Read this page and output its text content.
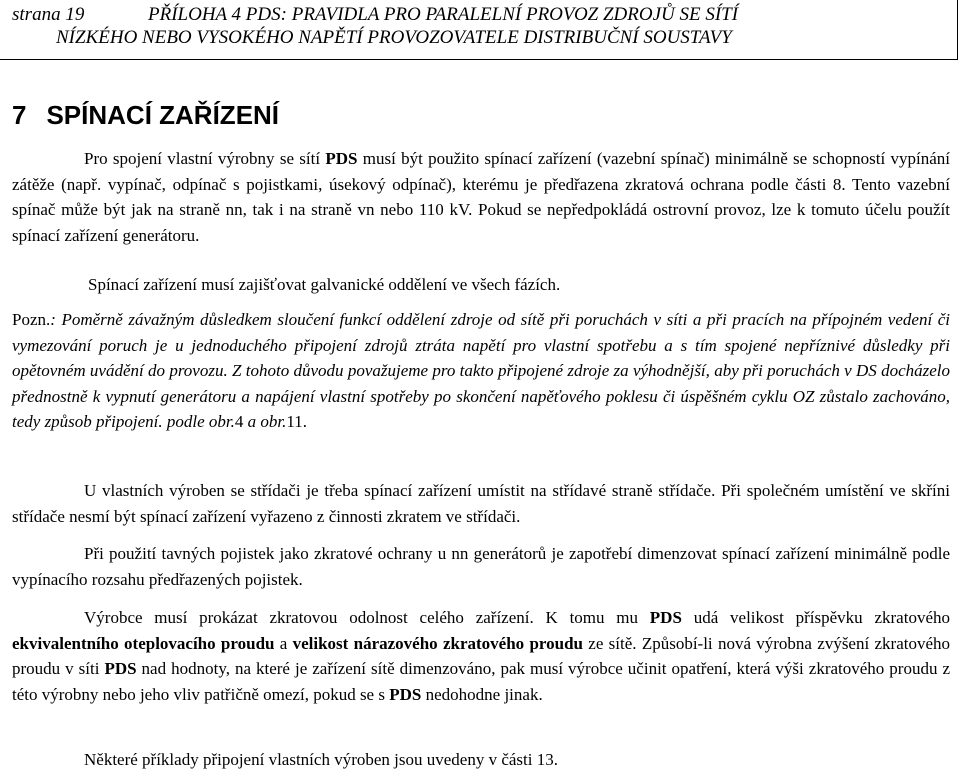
strana 19	PŘÍLOHA 4 PDS: PRAVIDLA PRO PARALELNÍ PROVOZ ZDROJŮ SE SÍTÍ
NÍZKÉHO NEBO VYSOKÉHO NAPĚTÍ PROVOZOVATELE DISTRIBUČNÍ SOUSTAVY
7 SPÍNACÍ ZAŘÍZENÍ
Pro spojení vlastní výrobny se sítí PDS musí být použito spínací zařízení (vazební spínač) minimálně se schopností vypínání zátěže (např. vypínač, odpínač s pojistkami, úsekový odpínač), kterému je předřazena zkratová ochrana podle části 8. Tento vazební spínač může být jak na straně nn, tak i na straně vn nebo 110 kV. Pokud se nepředpokládá ostrovní provoz, lze k tomuto účelu použít spínací zařízení generátoru.
Spínací zařízení musí zajišťovat galvanické oddělení ve všech fázích.
Pozn.: Poměrně závažným důsledkem sloučení funkcí oddělení zdroje od sítě při poruchách v síti a při pracích na přípojném vedení či vymezování poruch je u jednoduchého připojení zdrojů ztráta napětí pro vlastní spotřebu a s tím spojené nepříznivé důsledky při opětovném uvádění do provozu. Z tohoto důvodu považujeme pro takto připojené zdroje za výhodnější, aby při poruchách v DS docházelo přednostně k vypnutí generátoru a napájení vlastní spotřeby po skončení napěťového poklesu či úspěšném cyklu OZ zůstalo zachováno, tedy způsob připojení. podle obr.4 a obr.11.
U vlastních výroben se střídači je třeba spínací zařízení umístit na střídavé straně střídače. Při společném umístění ve skříni střídače nesmí být spínací zařízení vyřazeno z činnosti zkratem ve střídači.
Při použití tavných pojistek jako zkratové ochrany u nn generátorů je zapotřebí dimenzovat spínací zařízení minimálně podle vypínacího rozsahu předřazených pojistek.
Výrobce musí prokázat zkratovou odolnost celého zařízení. K tomu mu PDS udá velikost příspěvku zkratového ekvivalentního oteplovacího proudu a velikost nárazového zkratového proudu ze sítě. Způsobí-li nová výrobna zvýšení zkratového proudu v síti PDS nad hodnoty, na které je zařízení sítě dimenzováno, pak musí výrobce učinit opatření, která výši zkratového proudu z této výrobny nebo jeho vliv patřičně omezí, pokud se s PDS nedohodne jinak.
Některé příklady připojení vlastních výroben jsou uvedeny v části 13.
